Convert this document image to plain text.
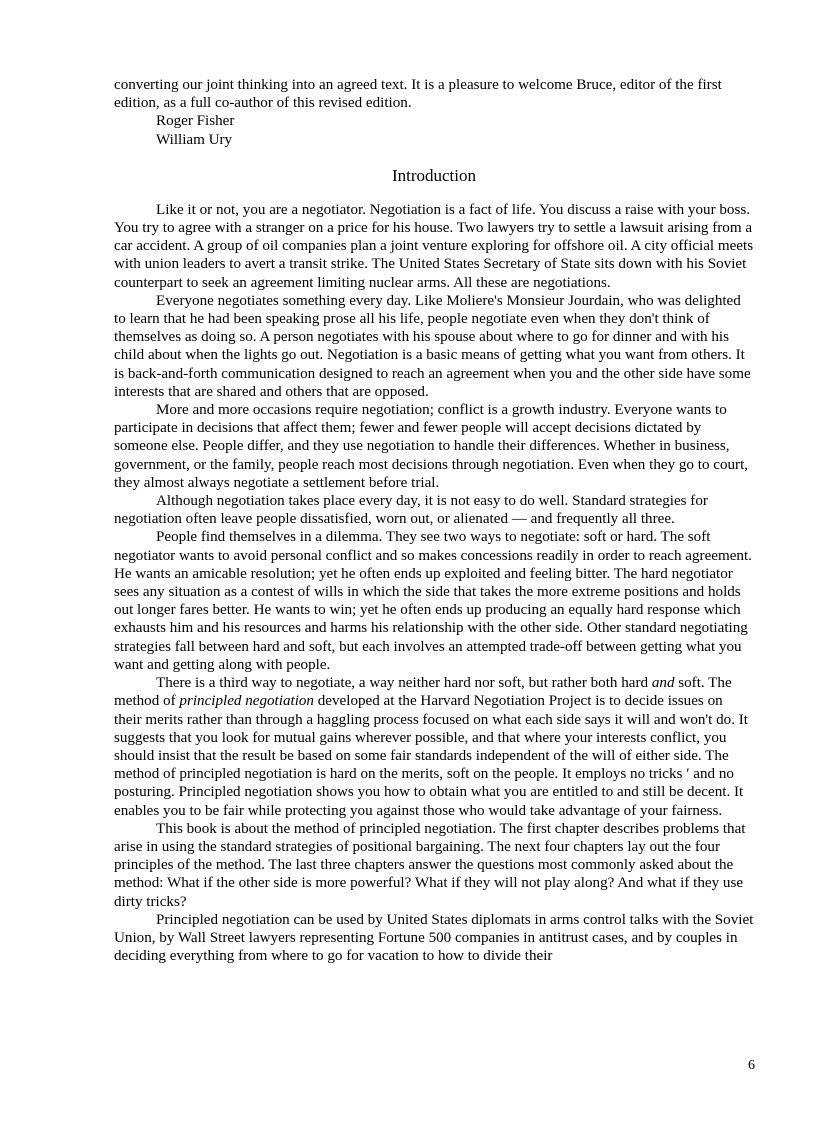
converting our joint thinking into an agreed text. It is a pleasure to welcome Bruce, editor of the first edition, as a full co-author of this revised edition.

Roger Fisher

William Ury

Introduction

Like it or not, you are a negotiator. Negotiation is a fact of life. You discuss a raise with your boss. You try to agree with a stranger on a price for his house. Two lawyers try to settle a lawsuit arising from a car accident. A group of oil companies plan a joint venture exploring for offshore oil. A city official meets with union leaders to avert a transit strike. The United States Secretary of State sits down with his Soviet counterpart to seek an agreement limiting nuclear arms. All these are negotiations.

Everyone negotiates something every day. Like Moliere's Monsieur Jourdain, who was delighted to learn that he had been speaking prose all his life, people negotiate even when they don't think of themselves as doing so. A person negotiates with his spouse about where to go for dinner and with his child about when the lights go out. Negotiation is a basic means of getting what you want from others. It is back-and-forth communication designed to reach an agreement when you and the other side have some interests that are shared and others that are opposed.

More and more occasions require negotiation; conflict is a growth industry. Everyone wants to participate in decisions that affect them; fewer and fewer people will accept decisions dictated by someone else. People differ, and they use negotiation to handle their differences. Whether in business, government, or the family, people reach most decisions through negotiation. Even when they go to court, they almost always negotiate a settlement before trial.

Although negotiation takes place every day, it is not easy to do well. Standard strategies for negotiation often leave people dissatisfied, worn out, or alienated — and frequently all three.

People find themselves in a dilemma. They see two ways to negotiate: soft or hard. The soft negotiator wants to avoid personal conflict and so makes concessions readily in order to reach agreement. He wants an amicable resolution; yet he often ends up exploited and feeling bitter. The hard negotiator sees any situation as a contest of wills in which the side that takes the more extreme positions and holds out longer fares better. He wants to win; yet he often ends up producing an equally hard response which exhausts him and his resources and harms his relationship with the other side. Other standard negotiating strategies fall between hard and soft, but each involves an attempted trade-off between getting what you want and getting along with people.

There is a third way to negotiate, a way neither hard nor soft, but rather both hard and soft. The method of principled negotiation developed at the Harvard Negotiation Project is to decide issues on their merits rather than through a haggling process focused on what each side says it will and won't do. It suggests that you look for mutual gains wherever possible, and that where your interests conflict, you should insist that the result be based on some fair standards independent of the will of either side. The method of principled negotiation is hard on the merits, soft on the people. It employs no tricks ′ and no posturing. Principled negotiation shows you how to obtain what you are entitled to and still be decent. It enables you to be fair while protecting you against those who would take advantage of your fairness.

This book is about the method of principled negotiation. The first chapter describes problems that arise in using the standard strategies of positional bargaining. The next four chapters lay out the four principles of the method. The last three chapters answer the questions most commonly asked about the method: What if the other side is more powerful? What if they will not play along? And what if they use dirty tricks?

Principled negotiation can be used by United States diplomats in arms control talks with the Soviet Union, by Wall Street lawyers representing Fortune 500 companies in antitrust cases, and by couples in deciding everything from where to go for vacation to how to divide their

6
